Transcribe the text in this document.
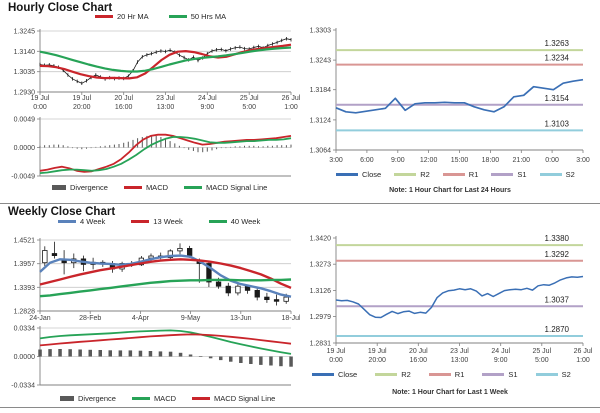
Hourly Close Chart
20 Hr MA	50 Hrs MA
1.3245
1.3140
1.3035
1.2930
19 Jul
0:00
19 Jul
20:00
20 Jul
16:00
23 Jul
13:00
24 Jul
9:00
25 Jul
5:00
26 Jul
1:00
0.0049
0.0000
-0.0049
Divergence	MACD	MACD Signal Line
1.3303
1.3243
1.3184
1.3124
1.3064
3:00 6:00 9:00 12:00 15:00 18:00 21:00 0:00 3:00
1.3263
1.3234
1.3154
1.3103
Close	R2	R1	S1	S2
Note: 1 Hour Chart for Last 24 Hours
Weekly Close Chart
4 Week	13 Week	40 Week
1.4521
1.3957
1.3393
1.2828
24-Jan	28-Feb	4-Apr	9-May	13-Jun	18-Jul
0.0334
0.0000
-0.0334
Divergence	MACD	MACD Signal Line
1.3420
1.3273
1.3126
1.2979
1.2831
19 Jul
0:00
19 Jul
20:00
20 Jul
16:00
23 Jul
13:00
24 Jul
9:00
25 Jul
5:00
26 Jul
1:00
1.3380
1.3292
1.3037
1.2870
Close	R2	R1	S1	S2
Note: 1 Hour Chart for Last 1 Week
